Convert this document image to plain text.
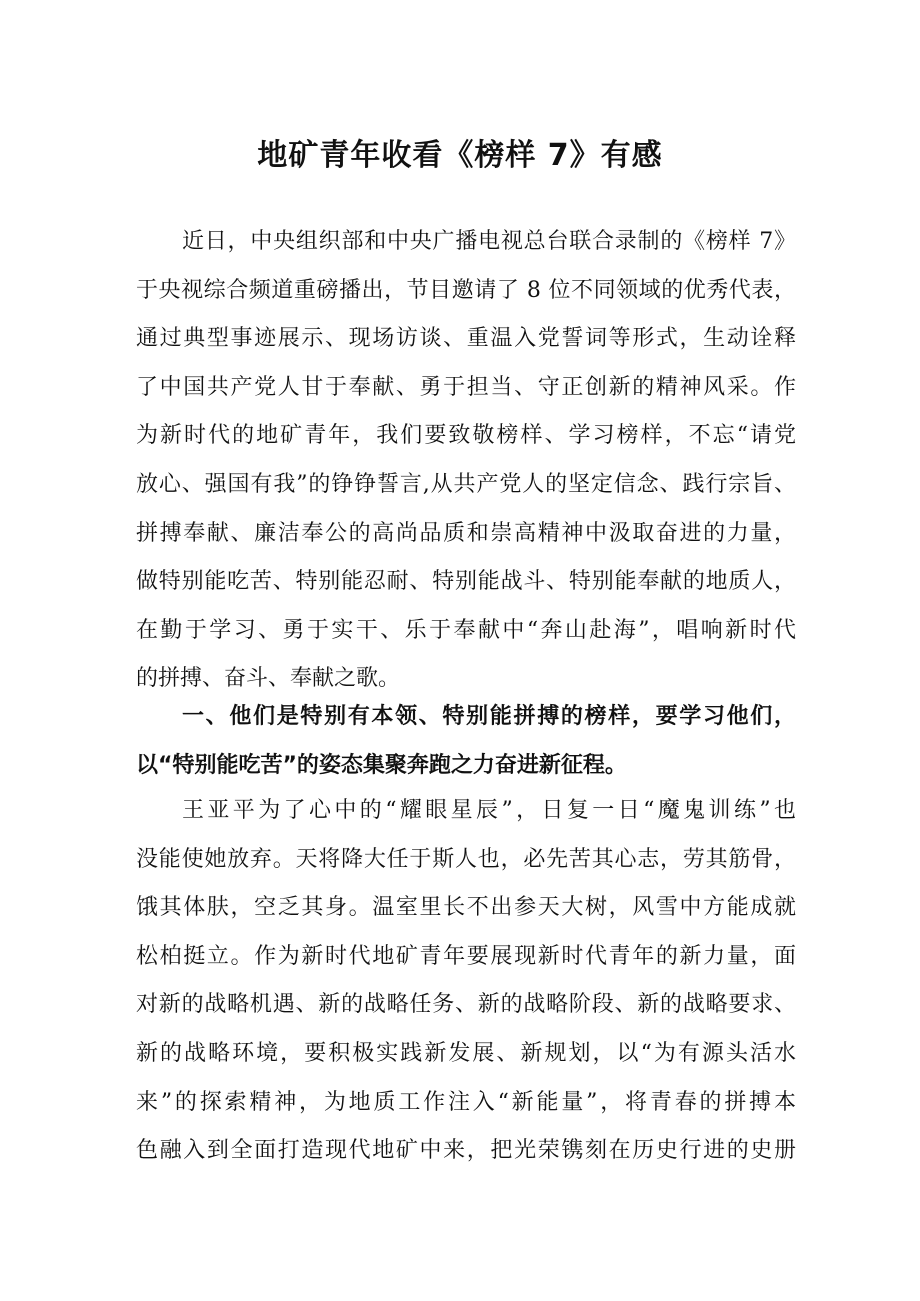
地矿青年收看《榜样 7》有感
近日，中央组织部和中央广播电视总台联合录制的《榜样 7》
于央视综合频道重磅播出，节目邀请了 8 位不同领域的优秀代表，
通过典型事迹展示、现场访谈、重温入党誓词等形式，生动诠释
了中国共产党人甘于奉献、勇于担当、守正创新的精神风采。作
为新时代的地矿青年，我们要致敬榜样、学习榜样，不忘“请党
放心、强国有我”的铮铮誓言,从共产党人的坚定信念、践行宗旨、
拼搏奉献、廉洁奉公的高尚品质和崇高精神中汲取奋进的力量，
做特别能吃苦、特别能忍耐、特别能战斗、特别能奉献的地质人，
在勤于学习、勇于实干、乐于奉献中“奔山赴海”，唱响新时代
的拼搏、奋斗、奉献之歌。
一、他们是特别有本领、特别能拼搏的榜样，要学习他们，
以“特别能吃苦”的姿态集聚奔跑之力奋进新征程。
王亚平为了心中的“耀眼星辰”，日复一日“魔鬼训练”也
没能使她放弃。天将降大任于斯人也，必先苦其心志，劳其筋骨，
饿其体肤，空乏其身。温室里长不出参天大树，风雪中方能成就
松柏挺立。作为新时代地矿青年要展现新时代青年的新力量，面
对新的战略机遇、新的战略任务、新的战略阶段、新的战略要求、
新的战略环境，要积极实践新发展、新规划，以“为有源头活水
来”的探索精神，为地质工作注入“新能量”，将青春的拼搏本
色融入到全面打造现代地矿中来，把光荣镌刻在历史行进的史册
